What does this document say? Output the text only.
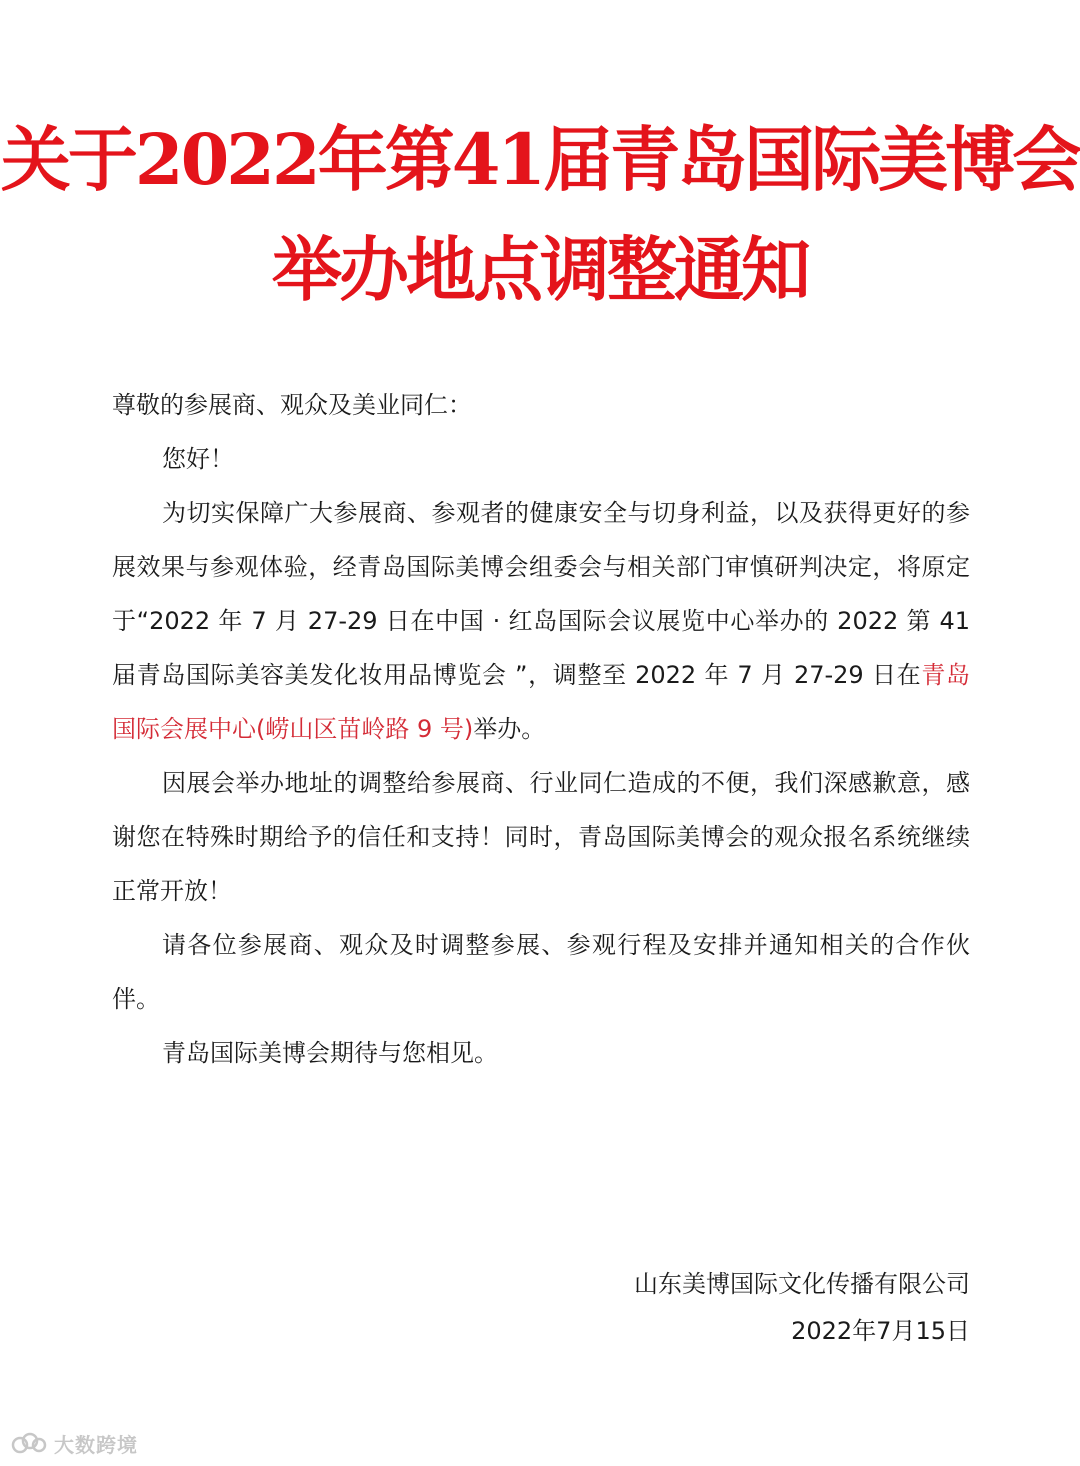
关于2022年第41届青岛国际美博会
举办地点调整通知

尊敬的参展商、观众及美业同仁：

您好！

为切实保障广大参展商、参观者的健康安全与切身利益，以及获得更好的参展效果与参观体验，经青岛国际美博会组委会与相关部门审慎研判决定，将原定于“2022 年 7 月 27-29 日在中国 · 红岛国际会议展览中心举办的 2022 第 41 届青岛国际美容美发化妆用品博览会 ”，调整至 2022 年 7 月 27-29 日在青岛国际会展中心(崂山区苗岭路 9 号)举办。

因展会举办地址的调整给参展商、行业同仁造成的不便，我们深感歉意，感谢您在特殊时期给予的信任和支持！同时，青岛国际美博会的观众报名系统继续正常开放！

请各位参展商、观众及时调整参展、参观行程及安排并通知相关的合作伙伴。

青岛国际美博会期待与您相见。

山东美博国际文化传播有限公司
2022年7月15日
大数跨境
